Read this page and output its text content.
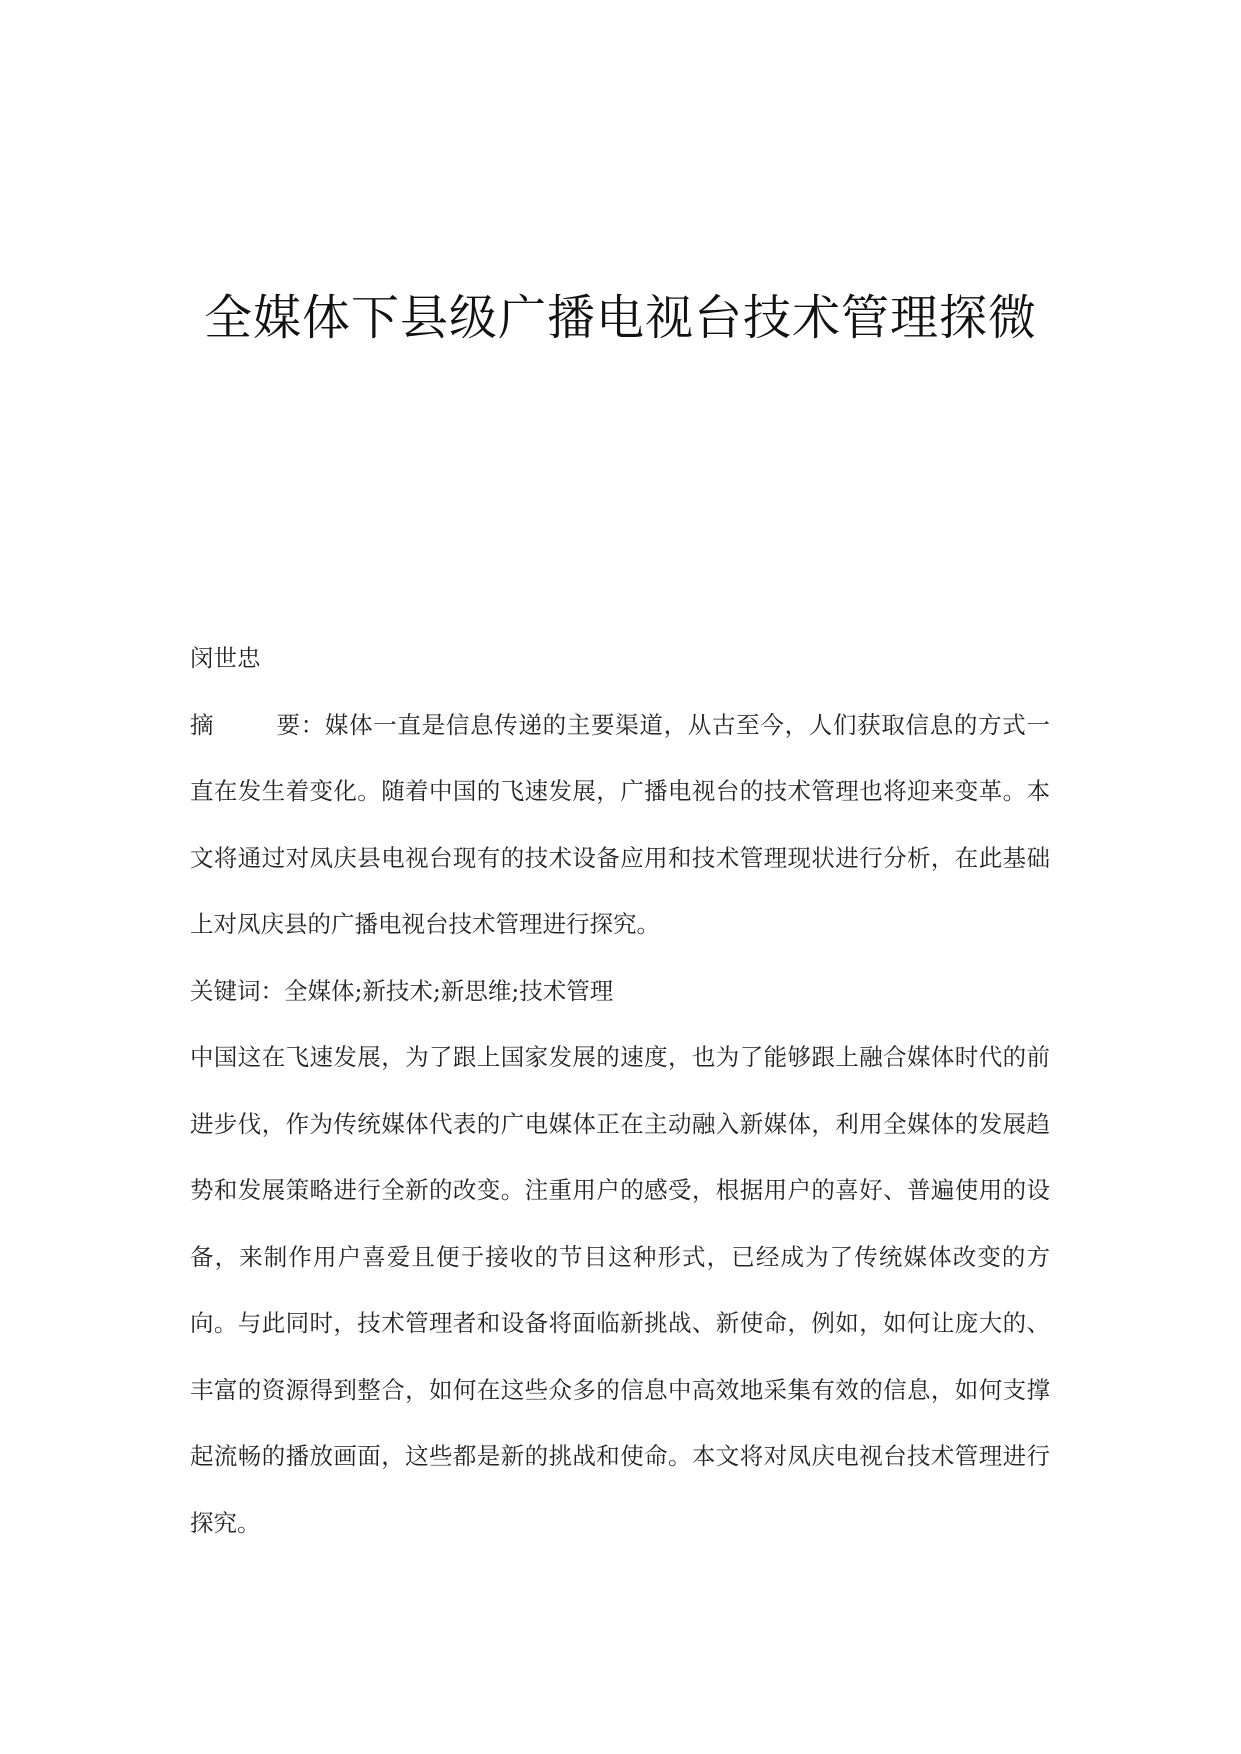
全媒体下县级广播电视台技术管理探微

闵世忠

摘　　要：媒体一直是信息传递的主要渠道，从古至今，人们获取信息的方式一直在发生着变化。随着中国的飞速发展，广播电视台的技术管理也将迎来变革。本文将通过对凤庆县电视台现有的技术设备应用和技术管理现状进行分析，在此基础上对凤庆县的广播电视台技术管理进行探究。

关键词：全媒体;新技术;新思维;技术管理

中国这在飞速发展，为了跟上国家发展的速度，也为了能够跟上融合媒体时代的前进步伐，作为传统媒体代表的广电媒体正在主动融入新媒体，利用全媒体的发展趋势和发展策略进行全新的改变。注重用户的感受，根据用户的喜好、普遍使用的设备，来制作用户喜爱且便于接收的节目这种形式，已经成为了传统媒体改变的方向。与此同时，技术管理者和设备将面临新挑战、新使命，例如，如何让庞大的、丰富的资源得到整合，如何在这些众多的信息中高效地采集有效的信息，如何支撑起流畅的播放画面，这些都是新的挑战和使命。本文将对凤庆电视台技术管理进行探究。
